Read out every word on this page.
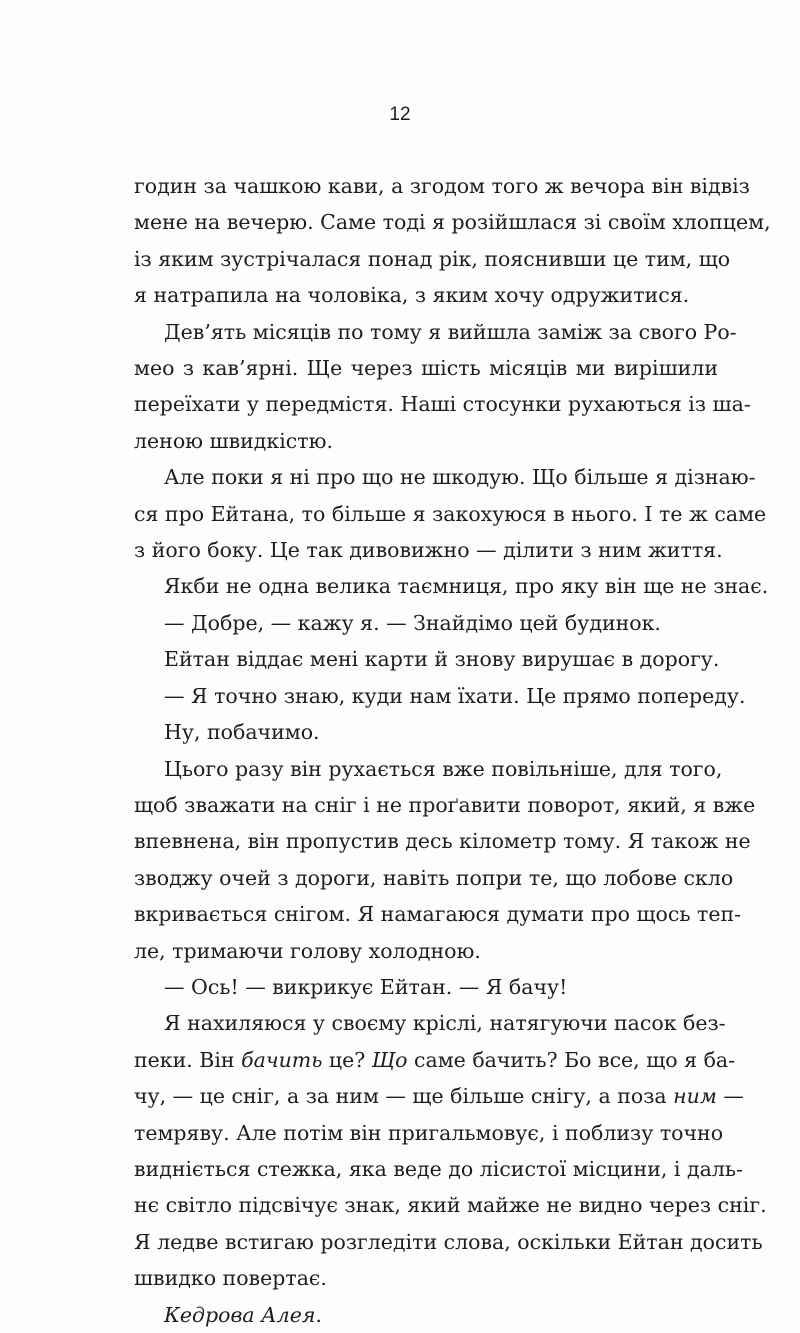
12
годин за чашкою кави, а згодом того ж вечора він відвіз
мене на вечерю. Саме тоді я розійшлася зі своїм хлопцем,
із яким зустрічалася понад рік, пояснивши це тим, що
я натрапила на чоловіка, з яким хочу одружитися.
Дев’ять місяців по тому я вийшла заміж за свого Ро-
мео з кав’ярні. Ще через шість місяців ми вирішили
переїхати у передмістя. Наші стосунки рухаються із ша-
леною швидкістю.
Але поки я ні про що не шкодую. Що більше я дізнаю-
ся про Ейтана, то більше я закохуюся в нього. І те ж саме
з його боку. Це так дивовижно — ділити з ним життя.
Якби не одна велика таємниця, про яку він ще не знає.
— Добре, — кажу я. — Знайдімо цей будинок.
Ейтан віддає мені карти й знову вирушає в дорогу.
— Я точно знаю, куди нам їхати. Це прямо попереду.
Ну, побачимо.
Цього разу він рухається вже повільніше, для того,
щоб зважати на сніг і не проґавити поворот, який, я вже
впевнена, він пропустив десь кілометр тому. Я також не
зводжу очей з дороги, навіть попри те, що лобове скло
вкривається снігом. Я намагаюся думати про щось теп-
ле, тримаючи голову холодною.
— Ось! — викрикує Ейтан. — Я бачу!
Я нахиляюся у своєму кріслі, натягуючи пасок без-
пеки. Він бачить це? Що саме бачить? Бо все, що я ба-
чу, — це сніг, а за ним — ще більше снігу, а поза ним —
темряву. Але потім він пригальмовує, і поблизу точно
видніється стежка, яка веде до лісистої місцини, і даль-
нє світло підсвічує знак, який майже не видно через сніг.
Я ледве встигаю розгледіти слова, оскільки Ейтан досить
швидко повертає.
Кедрова Алея.
